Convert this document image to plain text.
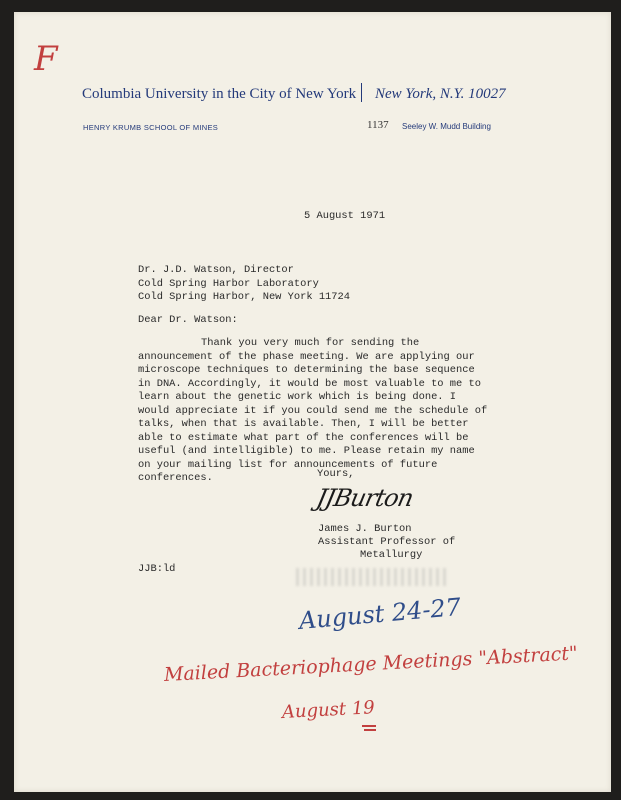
F
Columbia University in the City of New York New York, N.Y. 10027
HENRY KRUMB SCHOOL OF MINES	1137 Seeley W. Mudd Building
5 August 1971
Dr. J.D. Watson, Director
Cold Spring Harbor Laboratory
Cold Spring Harbor, New York 11724
Dear Dr. Watson:

Thank you very much for sending the announcement of the phase meeting. We are applying our microscope techniques to determining the base sequence in DNA. Accordingly, it would be most valuable to me to learn about the genetic work which is being done. I would appreciate it if you could send me the schedule of talks, when that is available. Then, I will be better able to estimate what part of the conferences will be useful (and intelligible) to me. Please retain my name on your mailing list for announcements of future conferences.	Yours,
JJBurton
James J. Burton
Assistant Professor of
Metallurgy
JJB:ld
August 24-27
Mailed Bacteriophage Meetings "Abstract"
August 19
